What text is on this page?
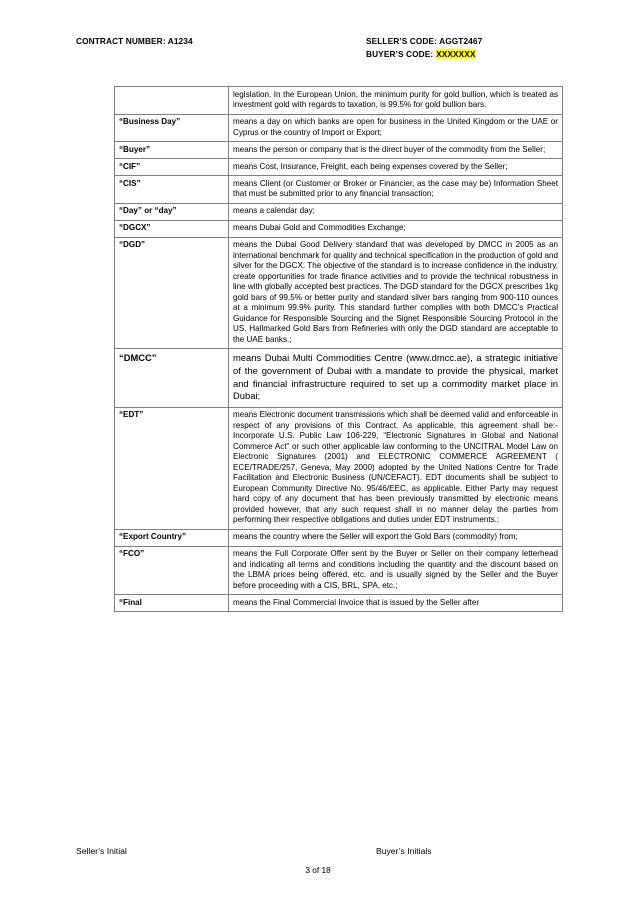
CONTRACT NUMBER: A1234	SELLER’S CODE: AGGT2467
BUYER’S CODE: XXXXXXX
	legislation. In the European Union, the minimum purity for gold bullion, which is treated as investment gold with regards to taxation, is 99.5% for gold bullion bars.
“Business Day”	means a day on which banks are open for business in the United Kingdom or the UAE or Cyprus or the country of Import or Export;
“Buyer”	means the person or company that is the direct buyer of the commodity from the Seller;
“CIF”	means Cost, Insurance, Freight, each being expenses covered by the Seller;
“CIS”	means Client (or Customer or Broker or Financier, as the case may be) Information Sheet that must be submitted prior to any financial transaction;
“Day” or “day”	means a calendar day;
“DGCX”	means Dubai Gold and Commodities Exchange;
“DGD”	means the Dubai Good Delivery standard that was developed by DMCC in 2005 as an international benchmark for quality and technical specification in the production of gold and silver for the DGCX. The objective of the standard is to increase confidence in the industry, create opportunities for trade finance activities and to provide the technical robustness in line with globally accepted best practices. The DGD standard for the DGCX prescribes 1kg gold bars of 99.5% or better purity and standard silver bars ranging from 900-110 ounces at a minimum 99.9% purity. This standard further complies with both DMCC’s Practical Guidance for Responsible Sourcing and the Signet Responsible Sourcing Protocol in the US. Hallmarked Gold Bars from Refineries with only the DGD standard are acceptable to the UAE banks.;
“DMCC”	means Dubai Multi Commodities Centre (www.dmcc.ae), a strategic initiative of the government of Dubai with a mandate to provide the physical, market and financial infrastructure required to set up a commodity market place in Dubai;
“EDT”	means Electronic document transmissions which shall be deemed valid and enforceable in respect of any provisions of this Contract. As applicable, this agreement shall be:- Incorporate U.S. Public Law 106-229, “Electronic Signatures in Global and National Commerce Act” or such other applicable law conforming to the UNCITRAL Model Law on Electronic Signatures (2001) and ELECTRONIC COMMERCE AGREEMENT ( ECE/TRADE/257, Geneva, May 2000) adopted by the United Nations Centre for Trade Facilitation and Electronic Business (UN/CEFACT). EDT documents shall be subject to European Community Directive No. 95/46/EEC, as applicable. Either Party may request hard copy of any document that has been previously transmitted by electronic means provided however, that any such request shall in no manner delay the parties from performing their respective obligations and duties under EDT instruments.;
“Export Country”	means the country where the Seller will export the Gold Bars (commodity) from;
“FCO”	means the Full Corporate Offer sent by the Buyer or Seller on their company letterhead and indicating all terms and conditions including the quantity and the discount based on the LBMA prices being offered, etc. and is usually signed by the Seller and the Buyer before proceeding with a CIS, BRL, SPA, etc.;
“Final	means the Final Commercial Invoice that is issued by the Seller after
Seller’s Initial	Buyer’s Initials
3 of 18
